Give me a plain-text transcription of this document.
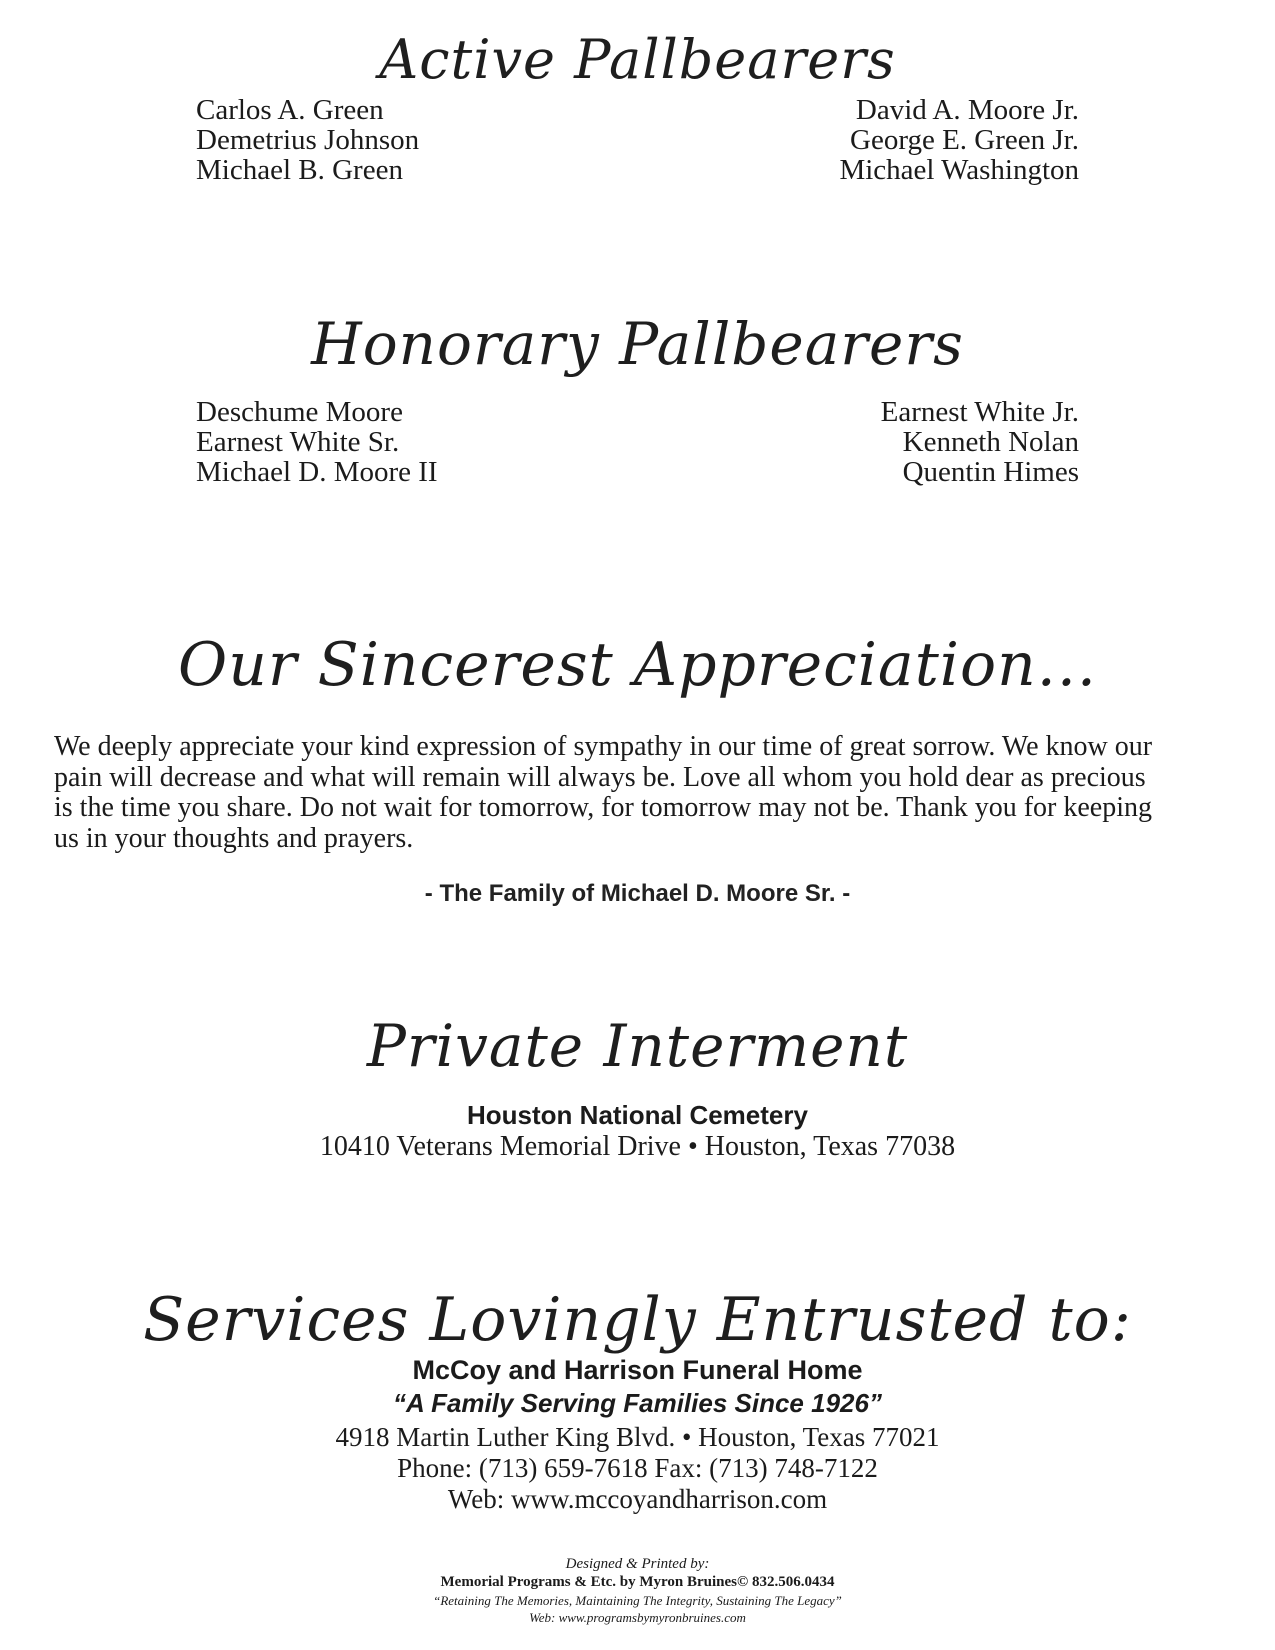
Active Pallbearers
Carlos A. Green
Demetrius Johnson
Michael B. Green
David A. Moore Jr.
George E. Green Jr.
Michael Washington
Honorary Pallbearers
Deschume Moore
Earnest White Sr.
Michael D. Moore II
Earnest White Jr.
Kenneth Nolan
Quentin Himes
Our Sincerest Appreciation...
We deeply appreciate your kind expression of sympathy in our time of great sorrow. We know our
pain will decrease and what will remain will always be. Love all whom you hold dear as precious
is the time you share. Do not wait for tomorrow, for tomorrow may not be. Thank you for keeping
us in your thoughts and prayers.
- The Family of Michael D. Moore Sr. -
Private Interment
Houston National Cemetery
10410 Veterans Memorial Drive • Houston, Texas 77038
Services Lovingly Entrusted to:
McCoy and Harrison Funeral Home
“A Family Serving Families Since 1926”
4918 Martin Luther King Blvd. • Houston, Texas 77021
Phone: (713) 659-7618 Fax: (713) 748-7122
Web: www.mccoyandharrison.com
Designed & Printed by:
Memorial Programs & Etc. by Myron Bruines© 832.506.0434
“Retaining The Memories, Maintaining The Integrity, Sustaining The Legacy”
Web: www.programsbymyronbruines.com
